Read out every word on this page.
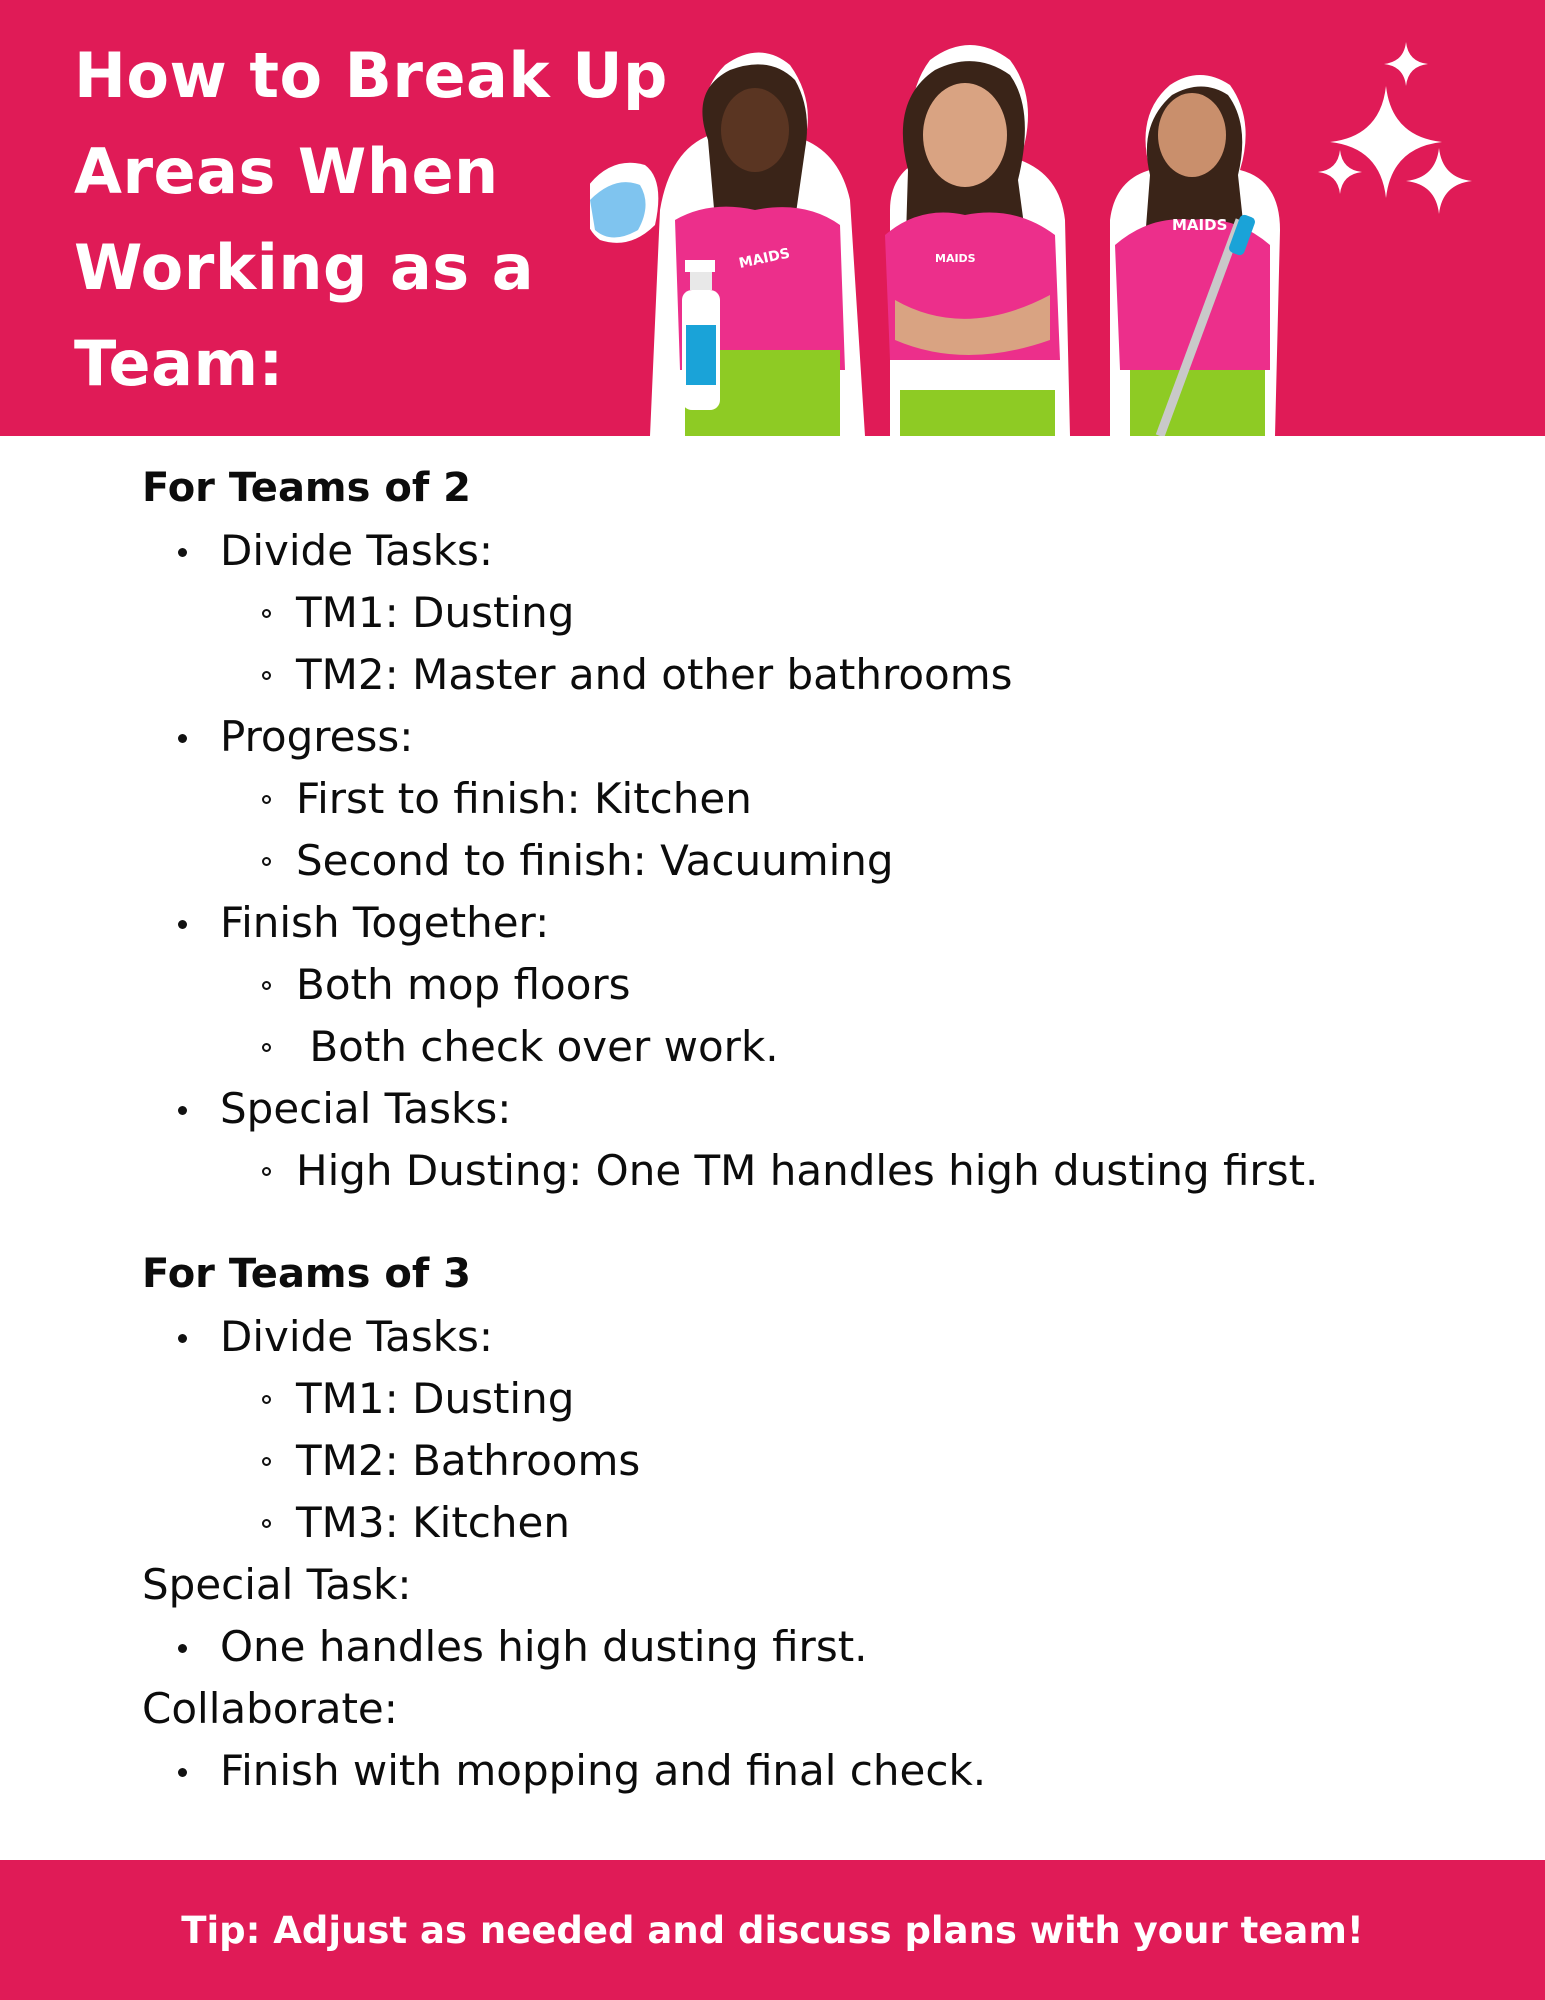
How to Break Up Areas When Working as a Team:
MAIDS	MAIDS
MAIDS
For Teams of 2
Divide Tasks:
TM1: Dusting
TM2: Master and other bathrooms
Progress:
First to finish: Kitchen
Second to finish: Vacuuming
Finish Together:
Both mop floors
Both check over work.
Special Tasks:
High Dusting: One TM handles high dusting first.
For Teams of 3
Divide Tasks:
TM1: Dusting
TM2: Bathrooms
TM3: Kitchen

Special Task:

One handles high dusting first.

Collaborate:

Finish with mopping and final check.
Tip: Adjust as needed and discuss plans with your team!
